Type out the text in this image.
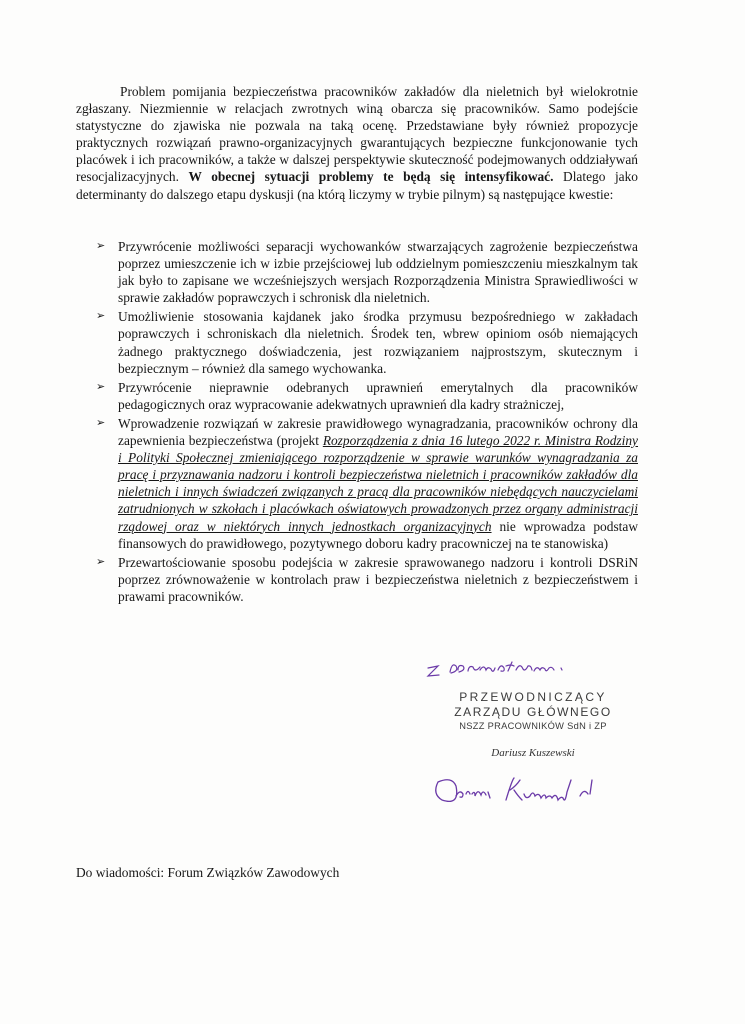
Problem pomijania bezpieczeństwa pracowników zakładów dla nieletnich był wielokrotnie zgłaszany. Niezmiennie w relacjach zwrotnych winą obarcza się pracowników. Samo podejście statystyczne do zjawiska nie pozwala na taką ocenę. Przedstawiane były również propozycje praktycznych rozwiązań prawno-organizacyjnych gwarantujących bezpieczne funkcjonowanie tych placówek i ich pracowników, a także w dalszej perspektywie skuteczność podejmowanych oddziaływań resocjalizacyjnych. W obecnej sytuacji problemy te będą się intensyfikować. Dlatego jako determinanty do dalszego etapu dyskusji (na którą liczymy w trybie pilnym) są następujące kwestie:

➢ Przywrócenie możliwości separacji wychowanków stwarzających zagrożenie bezpieczeństwa poprzez umieszczenie ich w izbie przejściowej lub oddzielnym pomieszczeniu mieszkalnym tak jak było to zapisane we wcześniejszych wersjach Rozporządzenia Ministra Sprawiedliwości w sprawie zakładów poprawczych i schronisk dla nieletnich.
➢ Umożliwienie stosowania kajdanek jako środka przymusu bezpośredniego w zakładach poprawczych i schroniskach dla nieletnich. Środek ten, wbrew opiniom osób niemających żadnego praktycznego doświadczenia, jest rozwiązaniem najprostszym, skutecznym i bezpiecznym – również dla samego wychowanka.
➢ Przywrócenie nieprawnie odebranych uprawnień emerytalnych dla pracowników pedagogicznych oraz wypracowanie adekwatnych uprawnień dla kadry strażniczej,
➢ Wprowadzenie rozwiązań w zakresie prawidłowego wynagradzania, pracowników ochrony dla zapewnienia bezpieczeństwa (projekt Rozporządzenia z dnia 16 lutego 2022 r. Ministra Rodziny i Polityki Społecznej zmieniającego rozporządzenie w sprawie warunków wynagradzania za pracę i przyznawania nadzoru i kontroli bezpieczeństwa nieletnich i pracowników zakładów dla nieletnich i innych świadczeń związanych z pracą dla pracowników niebędących nauczycielami zatrudnionych w szkołach i placówkach oświatowych prowadzonych przez organy administracji rządowej oraz w niektórych innych jednostkach organizacyjnych nie wprowadza podstaw finansowych do prawidłowego, pozytywnego doboru kadry pracowniczej na te stanowiska)
➢ Przewartościowanie sposobu podejścia w zakresie sprawowanego nadzoru i kontroli DSRiN poprzez zrównoważenie w kontrolach praw i bezpieczeństwa nieletnich z bezpieczeństwem i prawami pracowników.
PRZEWODNICZĄCY
ZARZĄDU GŁÓWNEGO
NSZZ PRACOWNIKÓW SdN i ZP
Dariusz Kuszewski
Do wiadomości: Forum Związków Zawodowych
